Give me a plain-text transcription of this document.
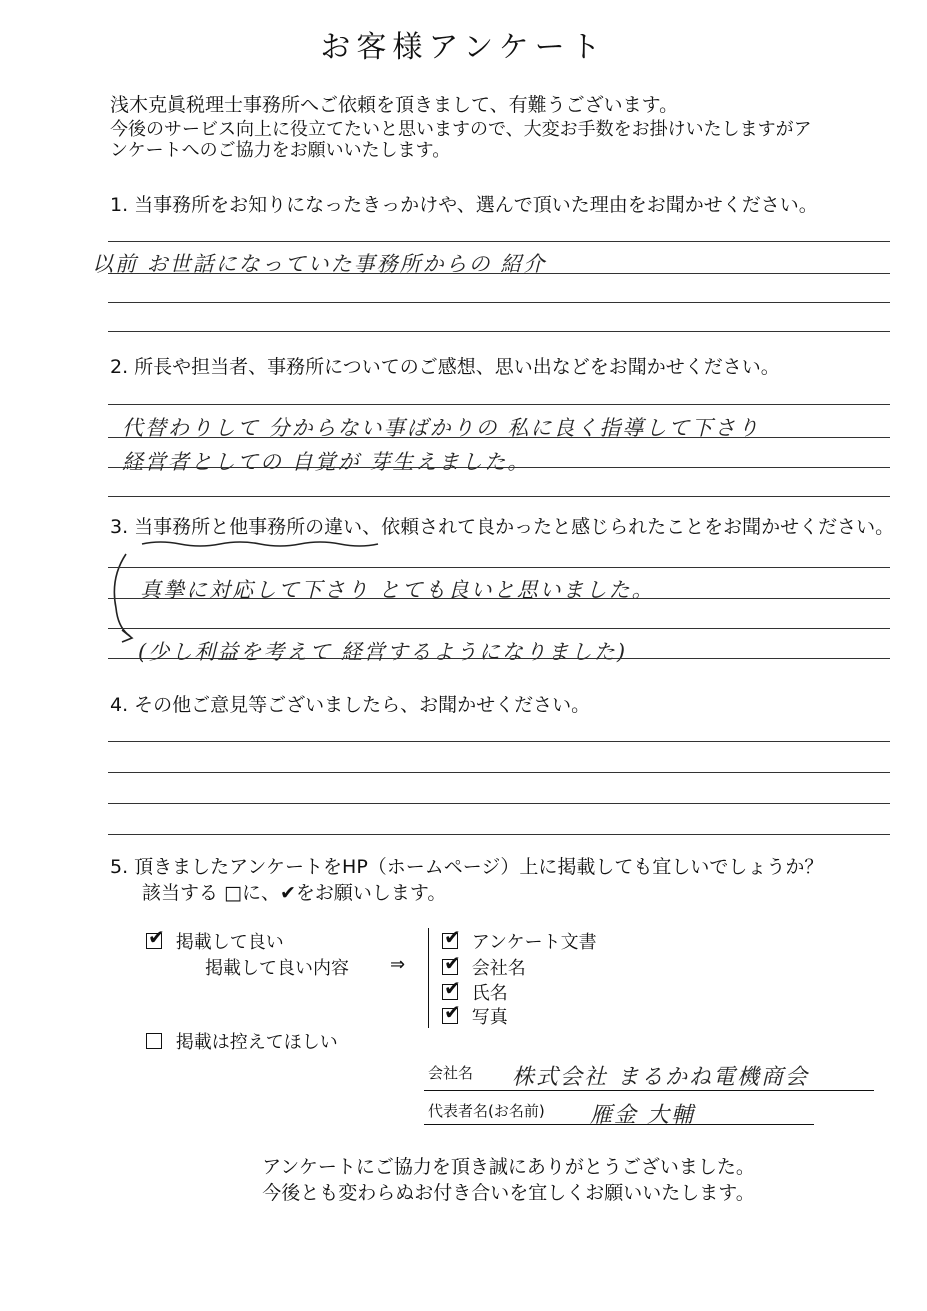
お客様アンケート
浅木克眞税理士事務所へご依頼を頂きまして、有難うございます。
今後のサービス向上に役立てたいと思いますので、大変お手数をお掛けいたしますがア
ンケートへのご協力をお願いいたします。
1. 当事務所をお知りになったきっかけや、選んで頂いた理由をお聞かせください。
以前 お世話になっていた事務所からの 紹介
2. 所長や担当者、事務所についてのご感想、思い出などをお聞かせください。
代替わりして 分からない事ばかりの 私に良く指導して下さり
経営者としての 自覚が 芽生えました。
3. 当事務所と他事務所の違い、依頼されて良かったと感じられたことをお聞かせください。
真摯に対応して下さり とても良いと思いました。
(少し利益を考えて 経営するようになりました)
4. その他ご意見等ございましたら、お聞かせください。
5. 頂きましたアンケートをHP（ホームページ）上に掲載しても宜しいでしょうか？
該当する □に、✔をお願いします。
✔ 掲載して良い
掲載して良い内容 ⇒
✔ アンケート文書
✔ 会社名
✔ 氏名
✔ 写真
掲載は控えてほしい
会社名 株式会社 まるかね電機商会
代表者名(お名前) 雁金 大輔
アンケートにご協力を頂き誠にありがとうございました。
今後とも変わらぬお付き合いを宜しくお願いいたします。
